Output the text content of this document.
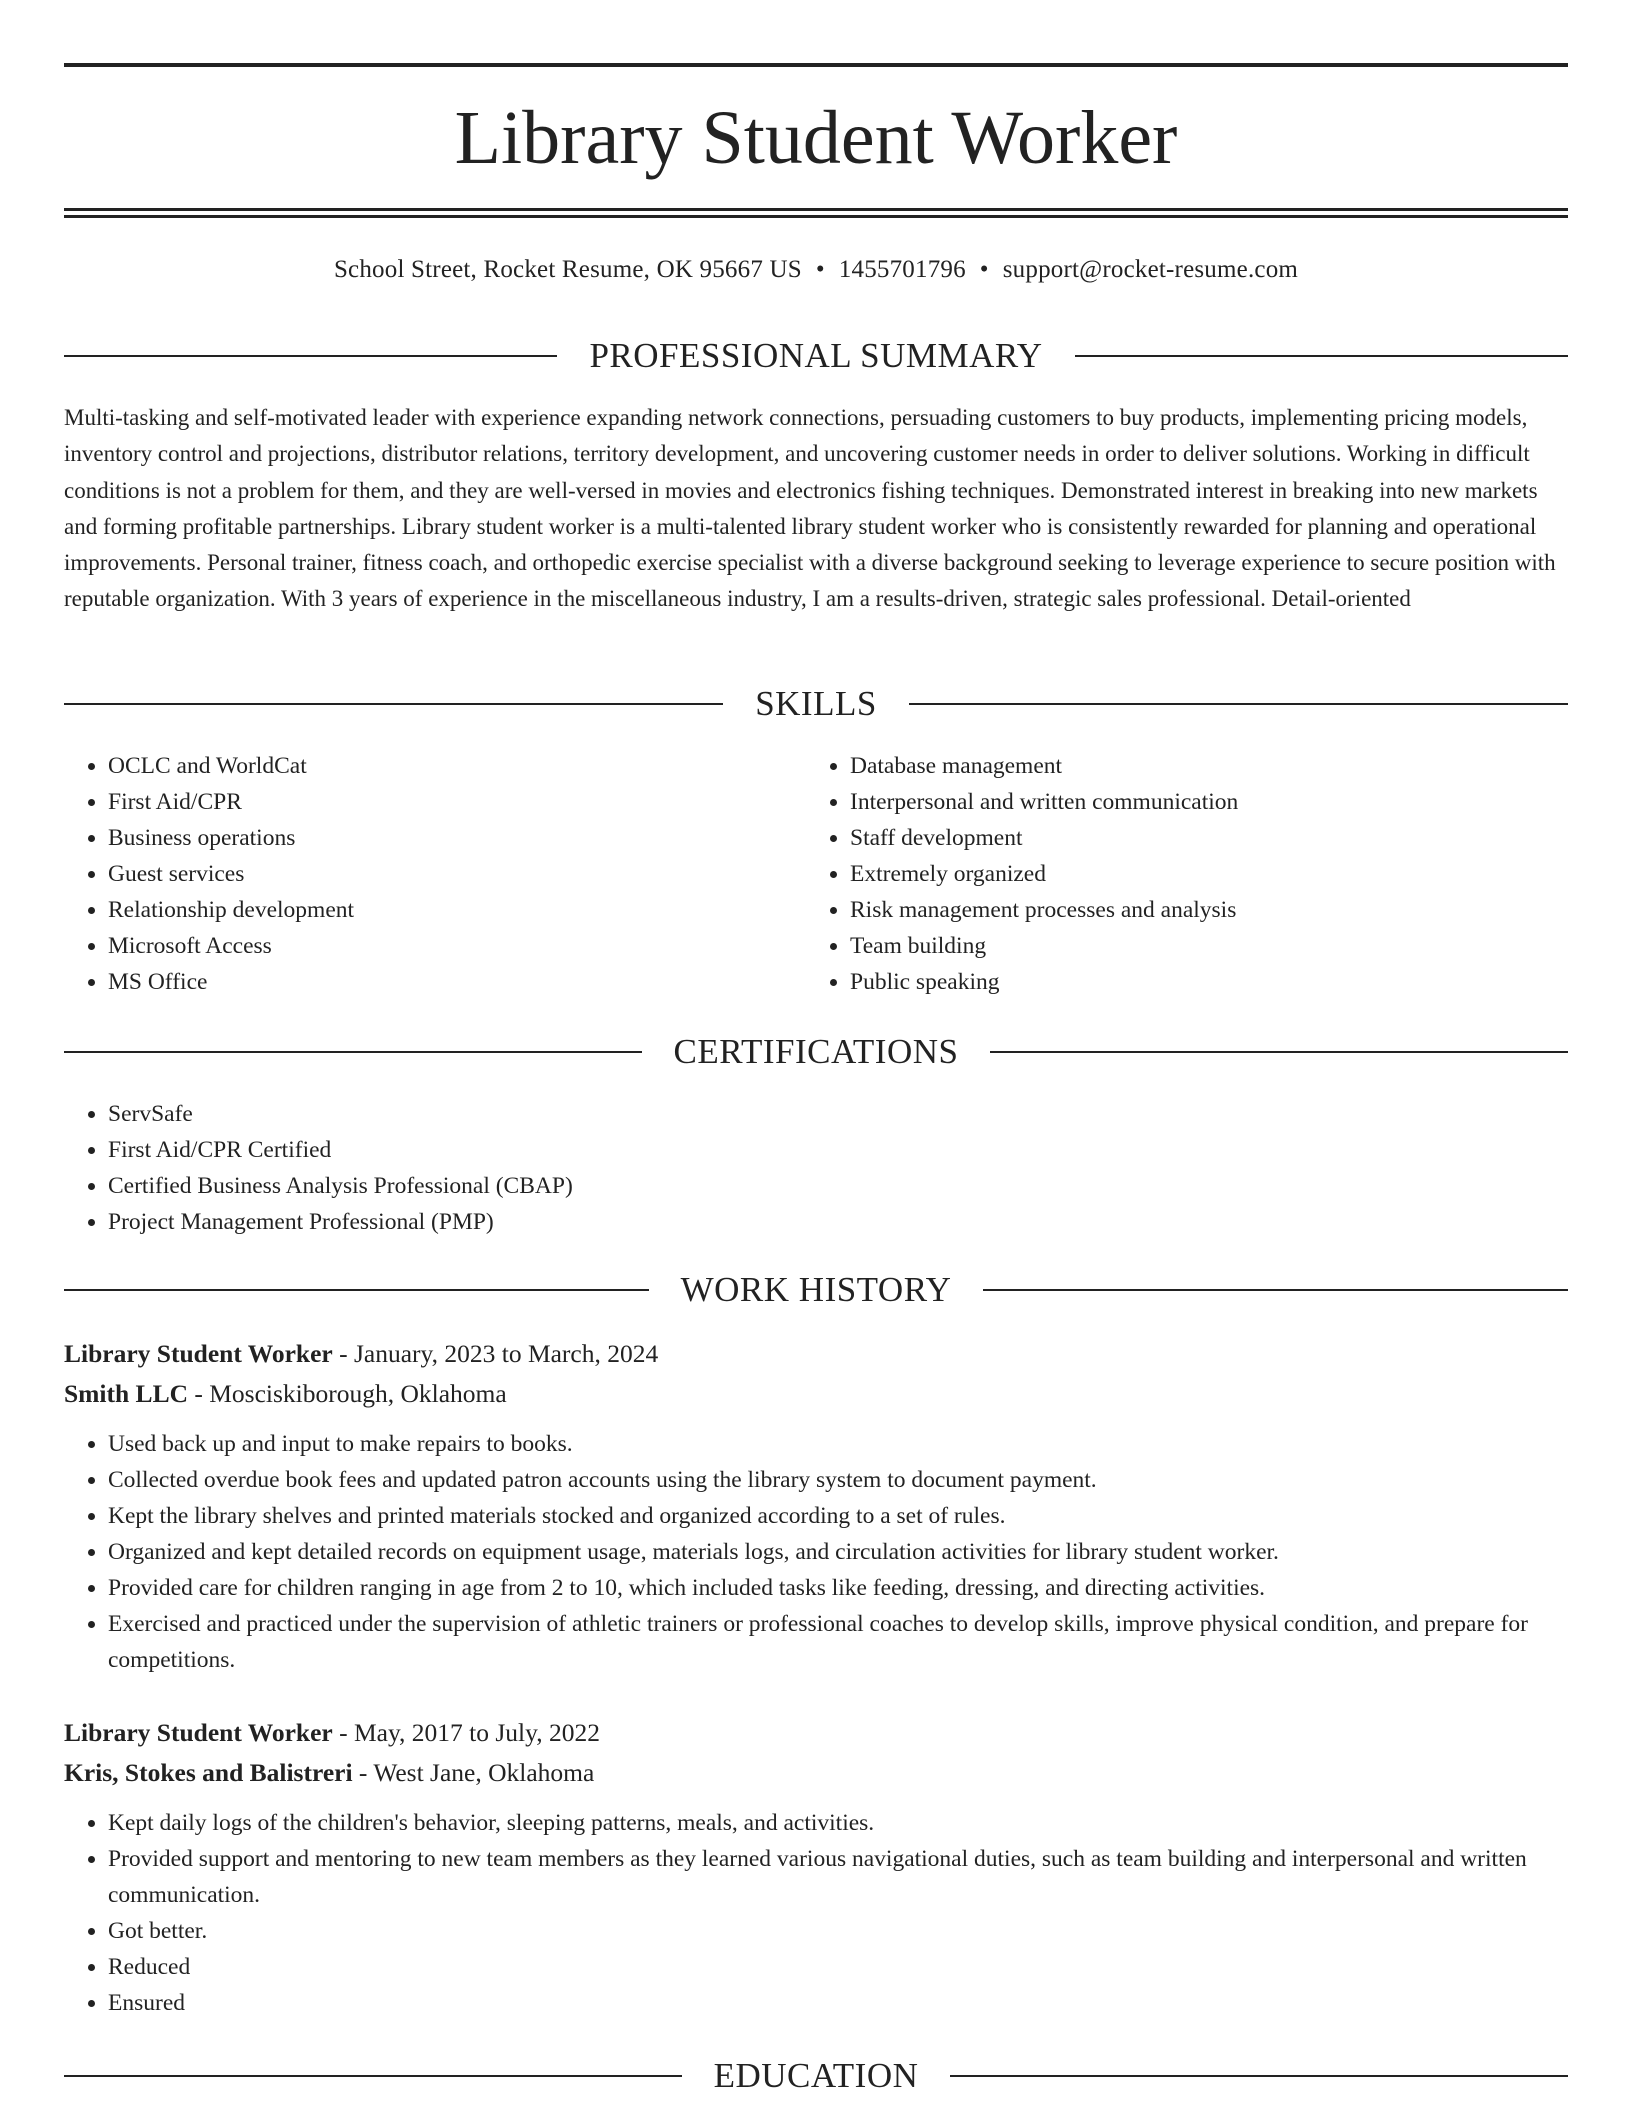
Library Student Worker
School Street, Rocket Resume, OK 95667 US • 1455701796 • support@rocket-resume.com
PROFESSIONAL SUMMARY

Multi-tasking and self-motivated leader with experience expanding network connections, persuading customers to buy products, implementing pricing models, inventory control and projections, distributor relations, territory development, and uncovering customer needs in order to deliver solutions. Working in difficult conditions is not a problem for them, and they are well-versed in movies and electronics fishing techniques. Demonstrated interest in breaking into new markets and forming profitable partnerships. Library student worker is a multi-talented library student worker who is consistently rewarded for planning and operational improvements. Personal trainer, fitness coach, and orthopedic exercise specialist with a diverse background seeking to leverage experience to secure position with reputable organization. With 3 years of experience in the miscellaneous industry, I am a results-driven, strategic sales professional. Detail-oriented

SKILLS
• OCLC and WorldCat
• First Aid/CPR
• Business operations
• Guest services
• Relationship development
• Microsoft Access
• MS Office
• Database management
• Interpersonal and written communication
• Staff development
• Extremely organized
• Risk management processes and analysis
• Team building
• Public speaking
CERTIFICATIONS
• ServSafe
• First Aid/CPR Certified
• Certified Business Analysis Professional (CBAP)
• Project Management Professional (PMP)
WORK HISTORY
Library Student Worker - January, 2023 to March, 2024
Smith LLC - Mosciskiborough, Oklahoma
• Used back up and input to make repairs to books.
• Collected overdue book fees and updated patron accounts using the library system to document payment.
• Kept the library shelves and printed materials stocked and organized according to a set of rules.
• Organized and kept detailed records on equipment usage, materials logs, and circulation activities for library student worker.
• Provided care for children ranging in age from 2 to 10, which included tasks like feeding, dressing, and directing activities.
• Exercised and practiced under the supervision of athletic trainers or professional coaches to develop skills, improve physical condition, and prepare for competitions.
Library Student Worker - May, 2017 to July, 2022
Kris, Stokes and Balistreri - West Jane, Oklahoma
• Kept daily logs of the children's behavior, sleeping patterns, meals, and activities.
• Provided support and mentoring to new team members as they learned various navigational duties, such as team building and interpersonal and written communication.
• Got better.
• Reduced
• Ensured
EDUCATION
